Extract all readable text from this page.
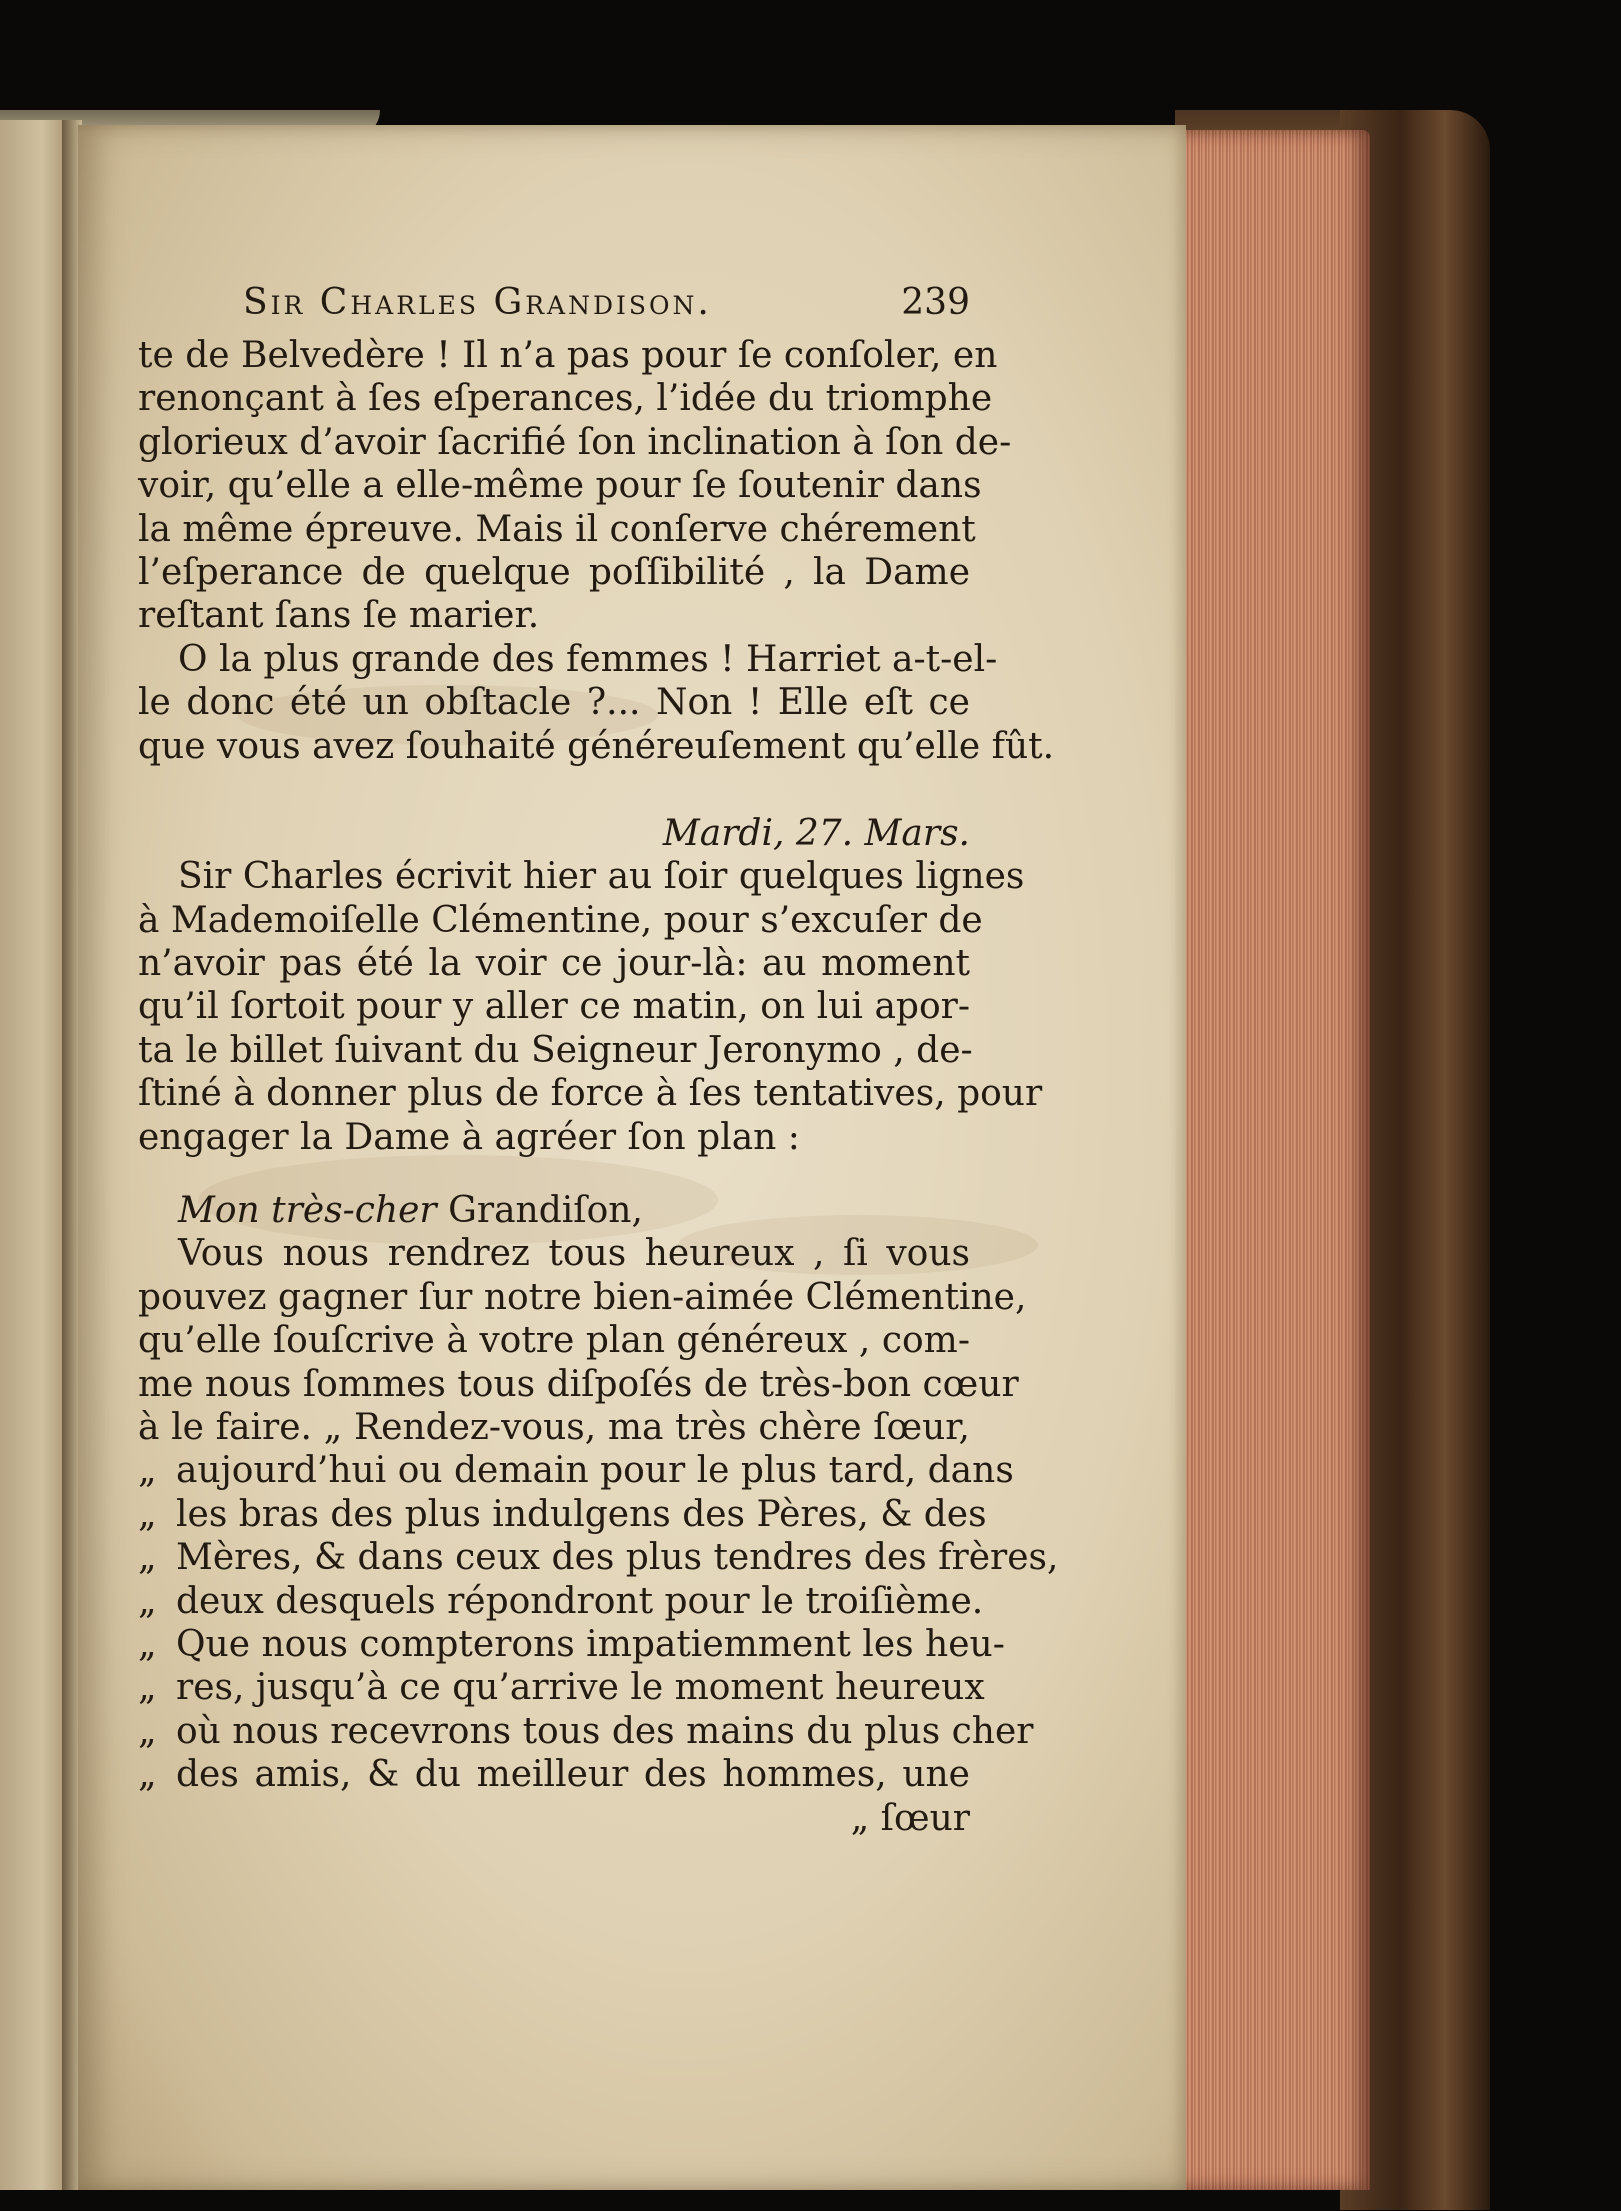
Sir Charles Grandison.	239
te de Belvedère ! Il n’a pas pour ſe conſoler, en
renonçant à ſes eſperances, l’idée du triomphe
glorieux d’avoir ſacrifié ſon inclination à ſon de-
voir, qu’elle a elle-même pour ſe ſoutenir dans
la même épreuve. Mais il conſerve chérement
l’eſperance de quelque poſſibilité , la Dame
reſtant ſans ſe marier.
O la plus grande des femmes ! Harriet a-t-el-
le donc été un obſtacle ?... Non ! Elle eſt ce
que vous avez ſouhaité généreuſement qu’elle fût.
Mardi, 27. Mars.
Sir Charles écrivit hier au ſoir quelques lignes
à Mademoiſelle Clémentine, pour s’excuſer de
n’avoir pas été la voir ce jour-là: au moment
qu’il ſortoit pour y aller ce matin, on lui apor-
ta le billet ſuivant du Seigneur Jeronymo , de-
ſtiné à donner plus de force à ſes tentatives, pour
engager la Dame à agréer ſon plan :
Mon très-cher Grandiſon,
Vous nous rendrez tous heureux , ſi vous
pouvez gagner ſur notre bien-aimée Clémentine,
qu’elle ſouſcrive à votre plan généreux , com-
me nous ſommes tous diſpoſés de très-bon cœur
à le faire. „ Rendez-vous, ma très chère ſœur,
„ aujourd’hui ou demain pour le plus tard, dans
„ les bras des plus indulgens des Pères, & des
„ Mères, & dans ceux des plus tendres des frères,
„ deux desquels répondront pour le troiſième.
„ Que nous compterons impatiemment les heu-
„ res, jusqu’à ce qu’arrive le moment heureux
„ où nous recevrons tous des mains du plus cher
„ des amis, & du meilleur des hommes, une
„ ſœur
